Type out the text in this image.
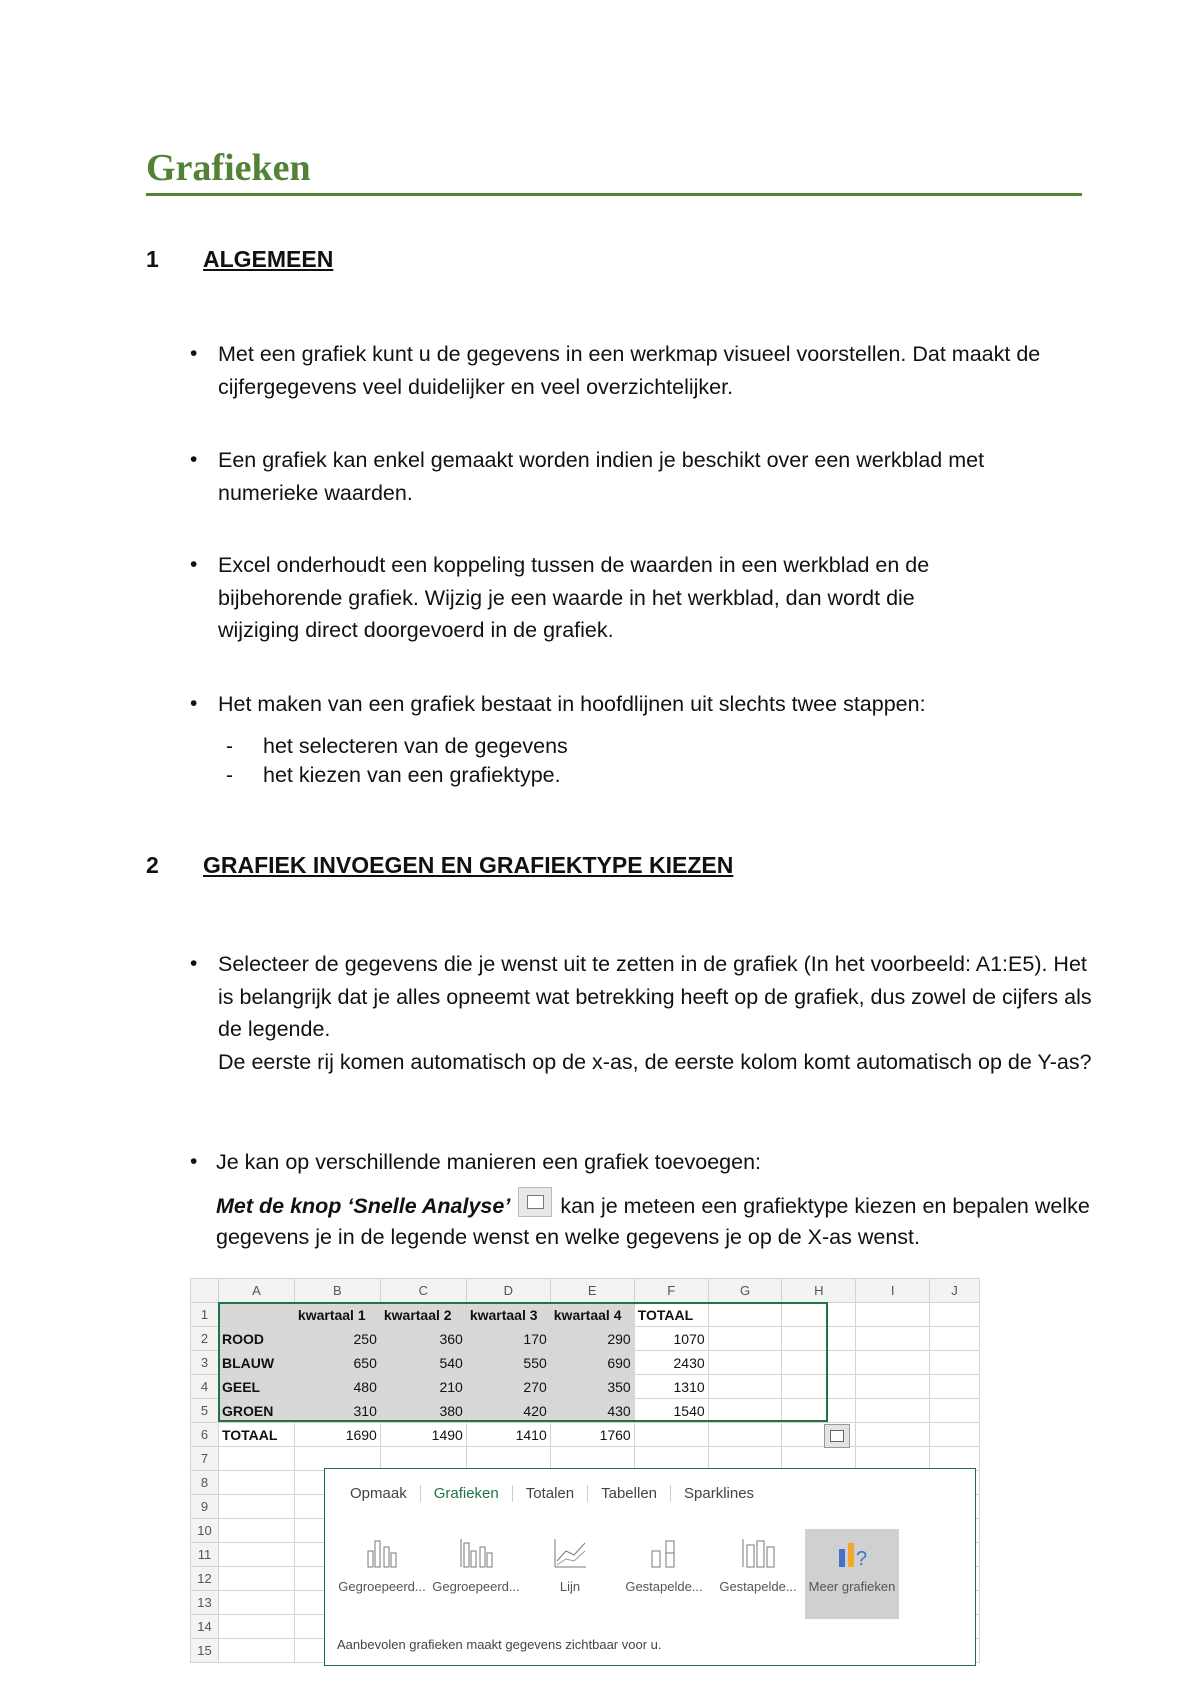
Grafieken
1 ALGEMEEN
• Met een grafiek kunt u de gegevens in een werkmap visueel voorstellen. Dat maakt de cijfergegevens veel duidelijker en veel overzichtelijker.
• Een grafiek kan enkel gemaakt worden indien je beschikt over een werkblad met numerieke waarden.
• Excel onderhoudt een koppeling tussen de waarden in een werkblad en de bijbehorende grafiek. Wijzig je een waarde in het werkblad, dan wordt die wijziging direct doorgevoerd in de grafiek.
• Het maken van een grafiek bestaat in hoofdlijnen uit slechts twee stappen:
- het selecteren van de gegevens
- het kiezen van een grafiektype.
2 GRAFIEK INVOEGEN EN GRAFIEKTYPE KIEZEN
• Selecteer de gegevens die je wenst uit te zetten in de grafiek (In het voorbeeld: A1:E5). Het is belangrijk dat je alles opneemt wat betrekking heeft op de grafiek, dus zowel de cijfers als de legende.
De eerste rij komen automatisch op de x-as, de eerste kolom komt automatisch op de Y-as?
• Je kan op verschillende manieren een grafiek toevoegen:

Met de knop ‘Snelle Analyse’ kan je meteen een grafiektype kiezen en bepalen welke gegevens je in de legende wenst en welke gegevens je op de X-as wenst.
	A	B	C	D	E	F	G	H	I	J
1		kwartaal 1	kwartaal 2	kwartaal 3	kwartaal 4	TOTAAL				
2	ROOD	250	360	170	290	1070				
3	BLAUW	650	540	550	690	2430				
4	GEEL	480	210	270	350	1310				
5	GROEN	310	380	420	430	1540				
6	TOTAAL	1690	1490	1410	1760					
7										
8										
9										
10										
11										
12										
13										
14										
15										
Opmaak	Grafieken	Totalen	Tabellen	Sparklines
Gegroepeerd... Gegroepeerd...	Lijn	Gestapelde...	Gestapelde...
?
Meer grafieken
Aanbevolen grafieken maakt gegevens zichtbaar voor u.
